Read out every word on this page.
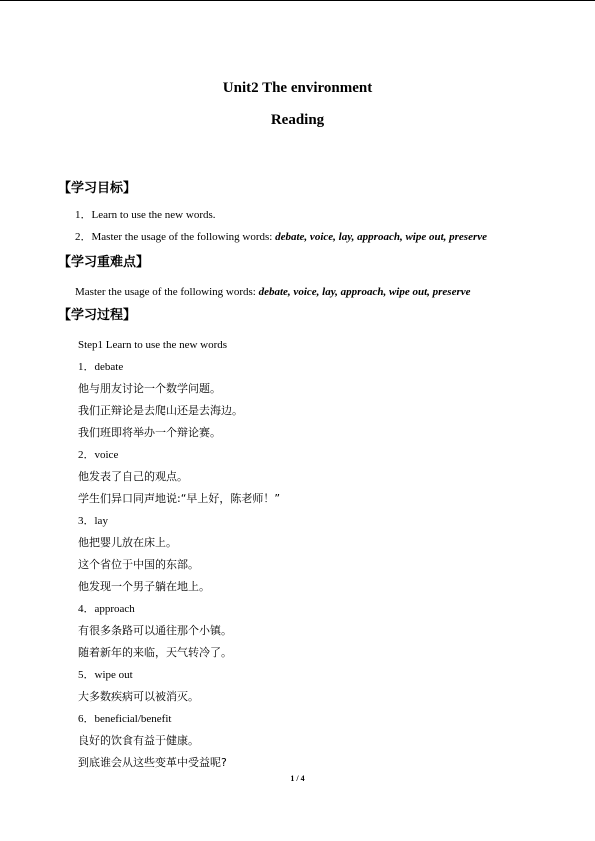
Unit2 The environment
Reading
【学习目标】
1．Learn to use the new words.
2．Master the usage of the following words: debate, voice, lay, approach, wipe out, preserve
【学习重难点】
Master the usage of the following words: debate, voice, lay, approach, wipe out, preserve
【学习过程】
Step1 Learn to use the new words
1．debate
他与朋友讨论一个数学问题。
我们正辩论是去爬山还是去海边。
我们班即将举办一个辩论赛。
2．voice
他发表了自己的观点。
学生们异口同声地说:“早上好，陈老师！”
3．lay
他把婴儿放在床上。
这个省位于中国的东部。
他发现一个男子躺在地上。
4．approach
有很多条路可以通往那个小镇。
随着新年的来临，天气转冷了。
5．wipe out
大多数疾病可以被消灭。
6．beneficial/benefit
良好的饮食有益于健康。
到底谁会从这些变革中受益呢?
1 / 4
